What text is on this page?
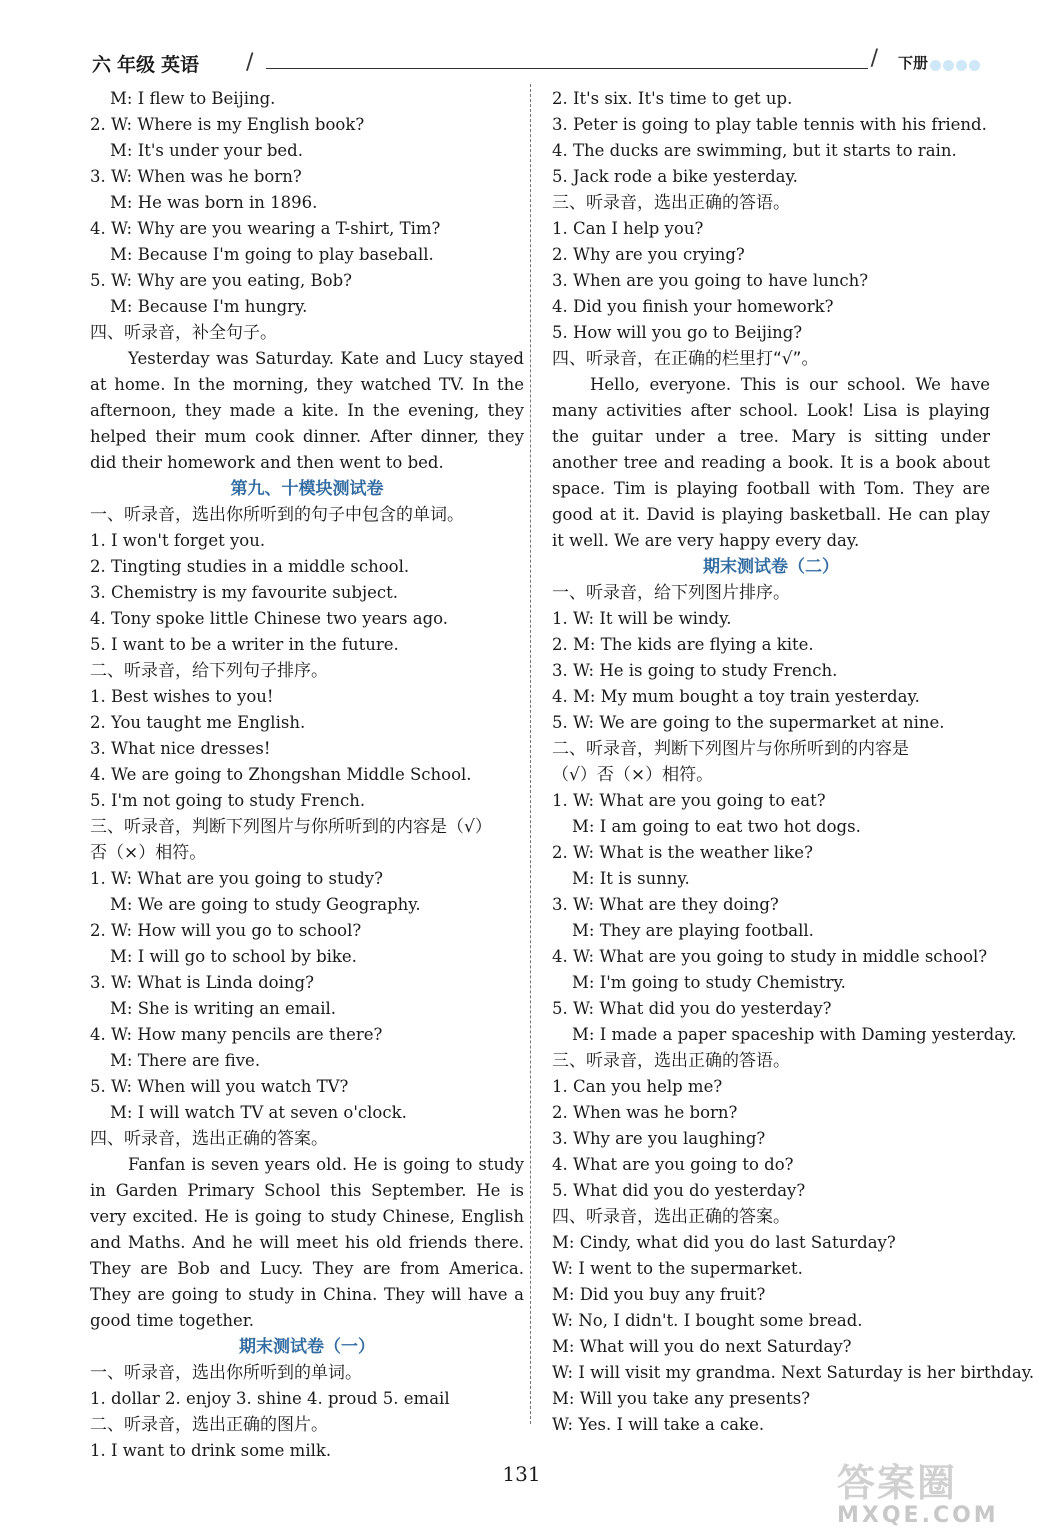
六 年级 英语 /	/ 下册
M: I flew to Beijing.
2. W: Where is my English book?
M: It's under your bed.
3. W: When was he born?
M: He was born in 1896.
4. W: Why are you wearing a T-shirt, Tim?
M: Because I'm going to play baseball.
5. W: Why are you eating, Bob?
M: Because I'm hungry.
四、听录音，补全句子。
Yesterday was Saturday. Kate and Lucy stayed at home. In the morning, they watched TV. In the afternoon, they made a kite. In the evening, they helped their mum cook dinner. After dinner, they did their homework and then went to bed.
第九、十模块测试卷
一、听录音，选出你所听到的句子中包含的单词。
1. I won't forget you.
2. Tingting studies in a middle school.
3. Chemistry is my favourite subject.
4. Tony spoke little Chinese two years ago.
5. I want to be a writer in the future.
二、听录音，给下列句子排序。
1. Best wishes to you!
2. You taught me English.
3. What nice dresses!
4. We are going to Zhongshan Middle School.
5. I'm not going to study French.
三、听录音，判断下列图片与你所听到的内容是（√）
否（×）相符。
1. W: What are you going to study?
M: We are going to study Geography.
2. W: How will you go to school?
M: I will go to school by bike.
3. W: What is Linda doing?
M: She is writing an email.
4. W: How many pencils are there?
M: There are five.
5. W: When will you watch TV?
M: I will watch TV at seven o'clock.
四、听录音，选出正确的答案。
Fanfan is seven years old. He is going to study in Garden Primary School this September. He is very excited. He is going to study Chinese, English and Maths. And he will meet his old friends there. They are Bob and Lucy. They are from America. They are going to study in China. They will have a good time together.
期末测试卷（一）
一、听录音，选出你所听到的单词。
1. dollar 2. enjoy 3. shine 4. proud 5. email
二、听录音，选出正确的图片。
1. I want to drink some milk.
2. It's six. It's time to get up.
3. Peter is going to play table tennis with his friend.
4. The ducks are swimming, but it starts to rain.
5. Jack rode a bike yesterday.
三、听录音，选出正确的答语。
1. Can I help you?
2. Why are you crying?
3. When are you going to have lunch?
4. Did you finish your homework?
5. How will you go to Beijing?
四、听录音，在正确的栏里打“√”。
Hello, everyone. This is our school. We have many activities after school. Look! Lisa is playing the guitar under a tree. Mary is sitting under another tree and reading a book. It is a book about space. Tim is playing football with Tom. They are good at it. David is playing basketball. He can play it well. We are very happy every day.
期末测试卷（二）
一、听录音，给下列图片排序。
1. W: It will be windy.
2. M: The kids are flying a kite.
3. W: He is going to study French.
4. M: My mum bought a toy train yesterday.
5. W: We are going to the supermarket at nine.
二、听录音，判断下列图片与你所听到的内容是
（√）否（×）相符。
1. W: What are you going to eat?
M: I am going to eat two hot dogs.
2. W: What is the weather like?
M: It is sunny.
3. W: What are they doing?
M: They are playing football.
4. W: What are you going to study in middle school?
M: I'm going to study Chemistry.
5. W: What did you do yesterday?
M: I made a paper spaceship with Daming yesterday.
三、听录音，选出正确的答语。
1. Can you help me?
2. When was he born?
3. Why are you laughing?
4. What are you going to do?
5. What did you do yesterday?
四、听录音，选出正确的答案。
M: Cindy, what did you do last Saturday?
W: I went to the supermarket.
M: Did you buy any fruit?
W: No, I didn't. I bought some bread.
M: What will you do next Saturday?
W: I will visit my grandma. Next Saturday is her birthday.
M: Will you take any presents?
W: Yes. I will take a cake.
131	答案圈
MXQE.COM
